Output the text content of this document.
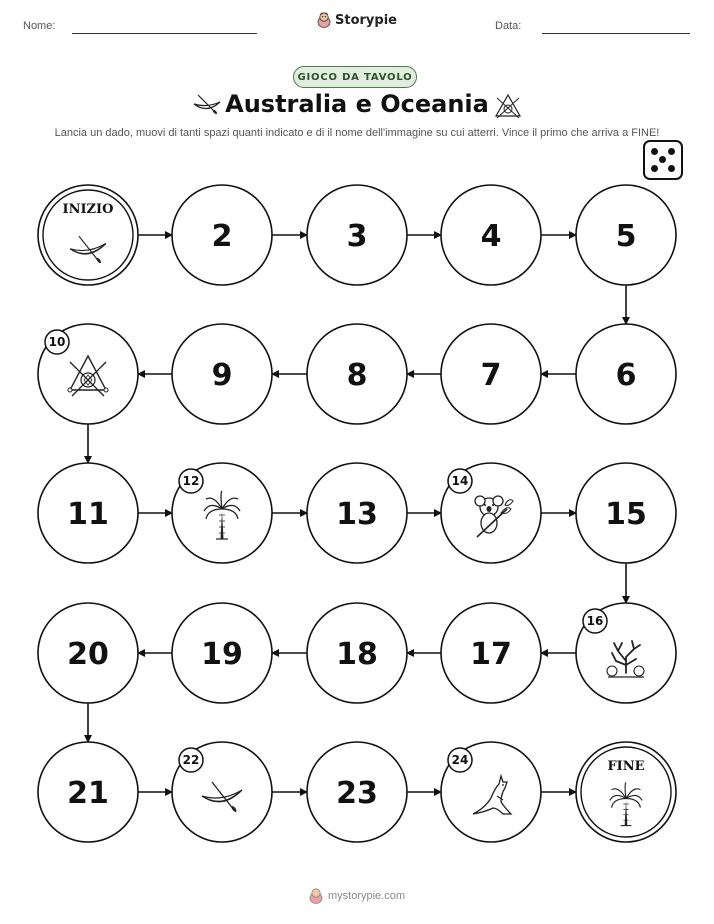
Nome:	Storypie	Data:
GIOCO DA TAVOLO
Australia e Oceania
Lancia un dado, muovi di tanti spazi quanti indicato e di il nome dell'immagine su cui atterri. Vince il primo che arriva a FINE!
INIZIO
2	3	4	5
6
7
8
9
10
11
12
13
14
15
16
17
18
19
20
21
22
23
24	FINE
mystorypie.com
